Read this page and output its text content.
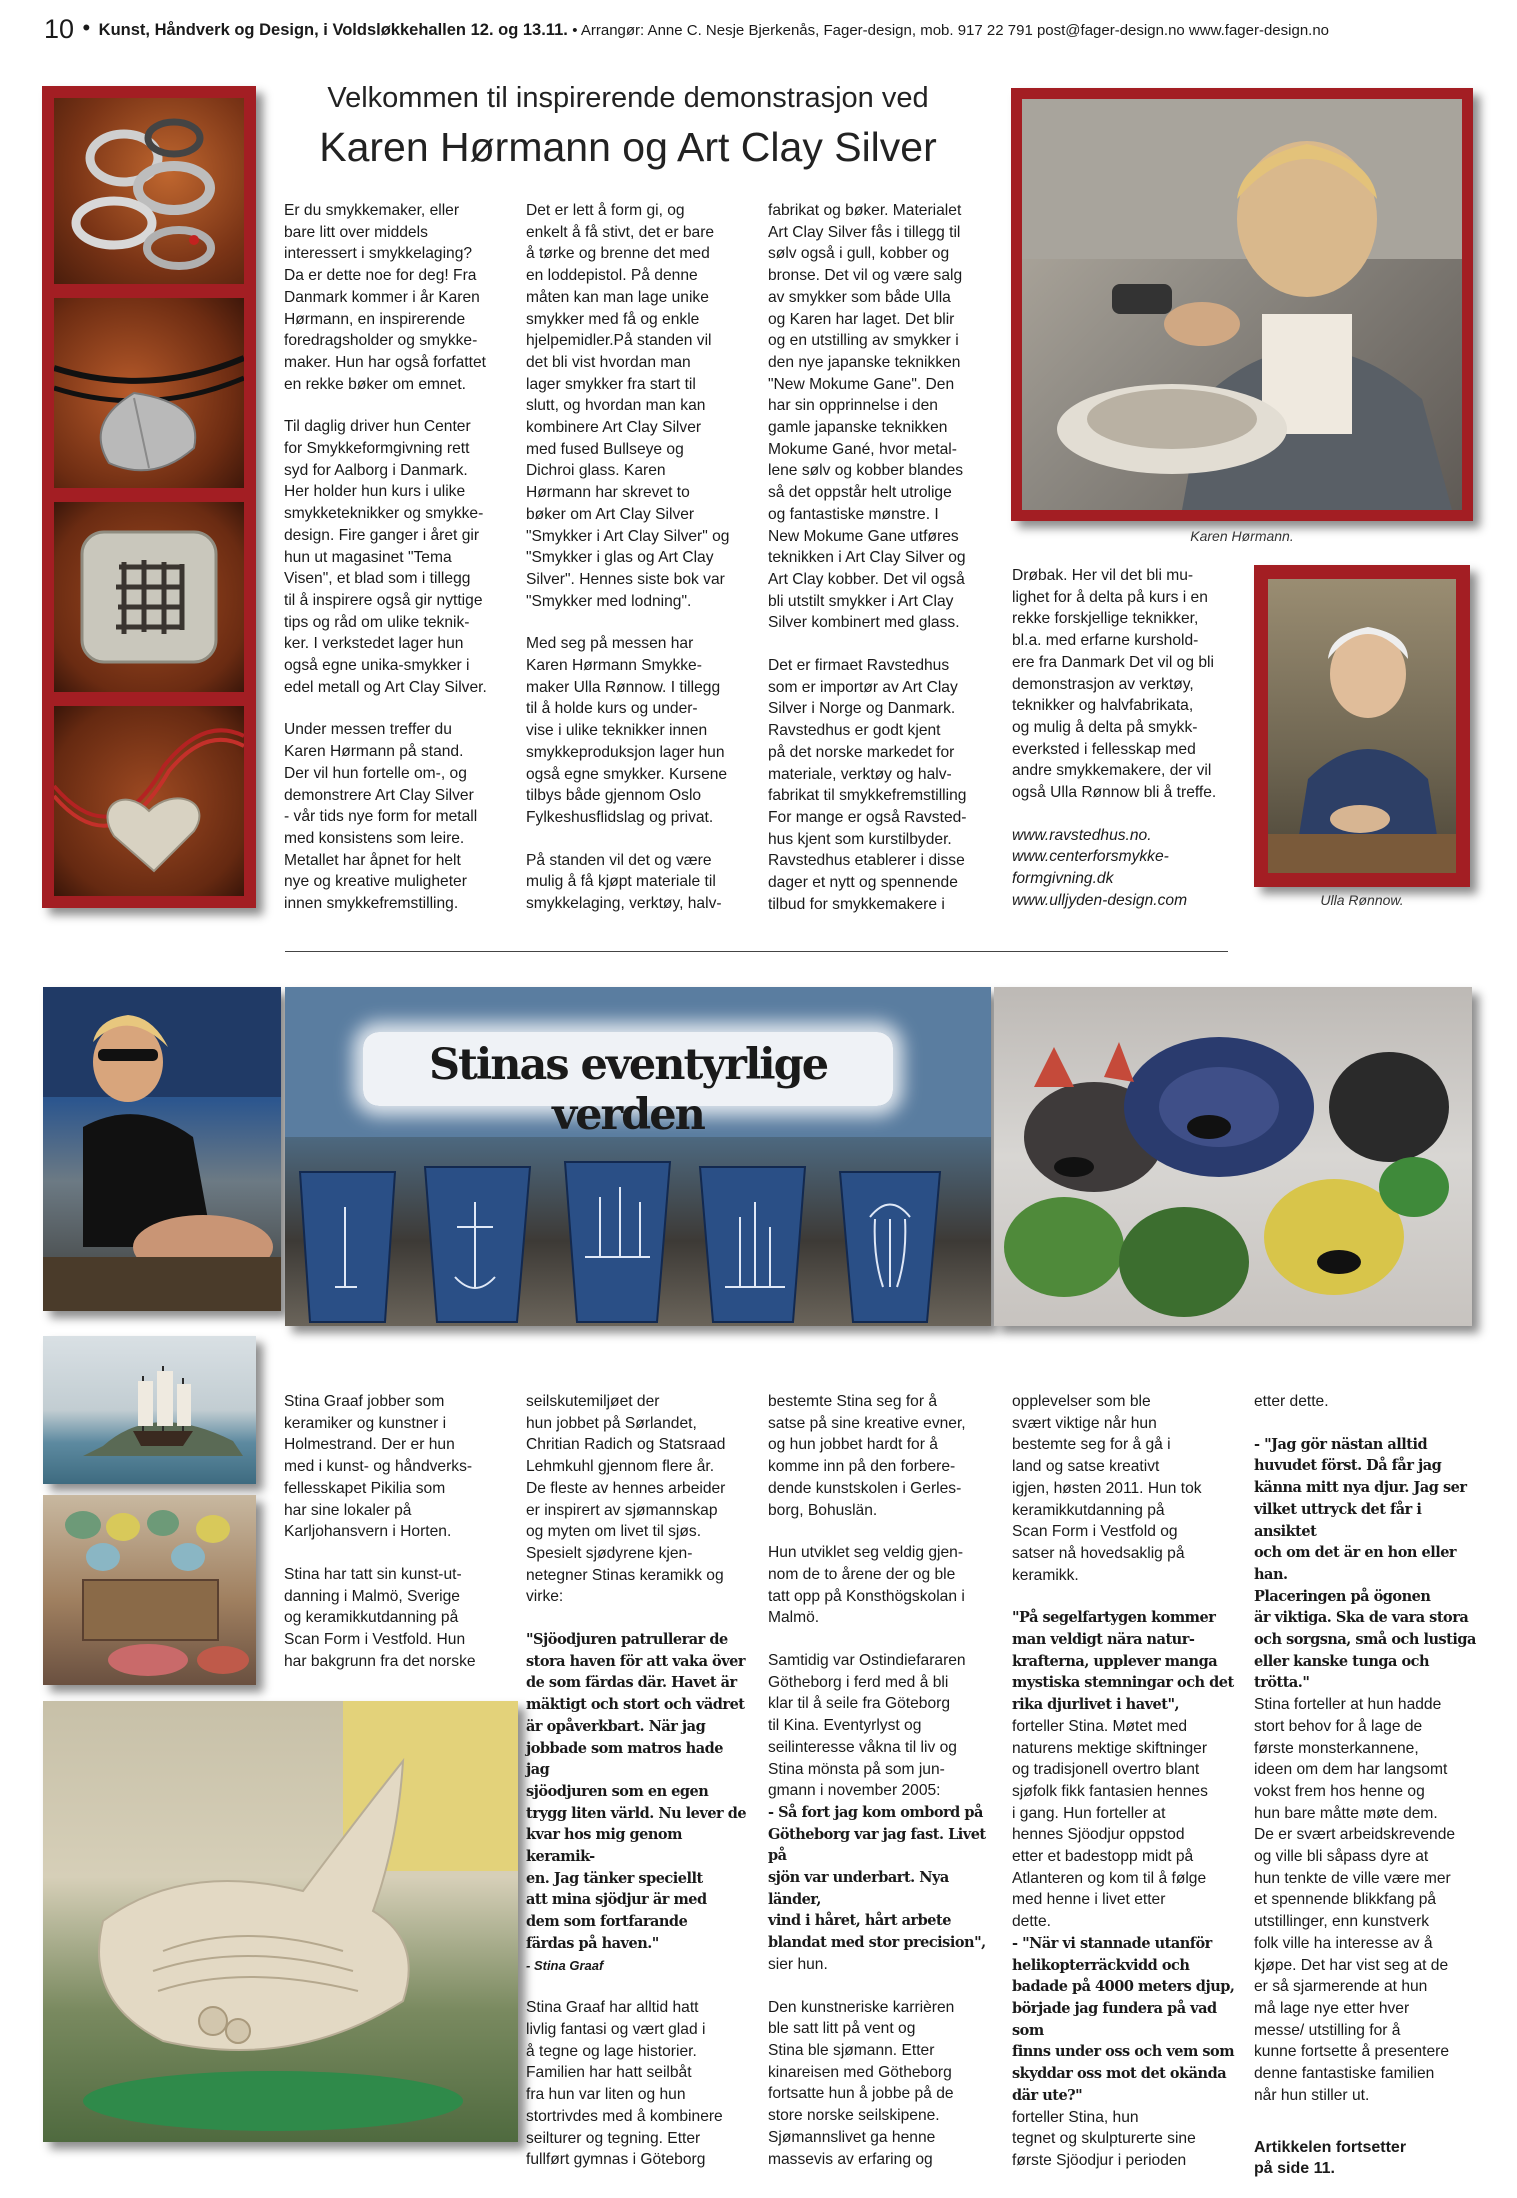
10 • Kunst, Håndverk og Design, i Voldsløkkehallen 12. og 13.11. • Arrangør: Anne C. Nesje Bjerkenås, Fager-design, mob. 917 22 791 post@fager-design.no www.fager-design.no
Velkommen til inspirerende demonstrasjon ved
Karen Hørmann og Art Clay Silver

Er du smykkemaker, eller
bare litt over middels
interessert i smykkelaging?
Da er dette noe for deg! Fra
Danmark kommer i år Karen
Hørmann, en inspirerende
foredragsholder og smykke-
maker. Hun har også forfattet
en rekke bøker om emnet.

Til daglig driver hun Center
for Smykkeformgivning rett
syd for Aalborg i Danmark.
Her holder hun kurs i ulike
smykketeknikker og smykke-
design. Fire ganger i året gir
hun ut magasinet "Tema
Visen", et blad som i tillegg
til å inspirere også gir nyttige
tips og råd om ulike teknik-
ker. I verkstedet lager hun
også egne unika-smykker i
edel metall og Art Clay Silver.

Under messen treffer du
Karen Hørmann på stand.
Der vil hun fortelle om-, og
demonstrere Art Clay Silver
- vår tids nye form for metall
med konsistens som leire.
Metallet har åpnet for helt
nye og kreative muligheter
innen smykkefremstilling.

Det er lett å form gi, og
enkelt å få stivt, det er bare
å tørke og brenne det med
en loddepistol. På denne
måten kan man lage unike
smykker med få og enkle
hjelpemidler.På standen vil
det bli vist hvordan man
lager smykker fra start til
slutt, og hvordan man kan
kombinere Art Clay Silver
med fused Bullseye og
Dichroi glass. Karen
Hørmann har skrevet to
bøker om Art Clay Silver
"Smykker i Art Clay Silver" og
"Smykker i glas og Art Clay
Silver". Hennes siste bok var
"Smykker med lodning".

Med seg på messen har
Karen Hørmann Smykke-
maker Ulla Rønnow. I tillegg
til å holde kurs og under-
vise i ulike teknikker innen
smykkeproduksjon lager hun
også egne smykker. Kursene
tilbys både gjennom Oslo
Fylkeshusflidslag og privat.

På standen vil det og være
mulig å få kjøpt materiale til
smykkelaging, verktøy, halv-

fabrikat og bøker. Materialet
Art Clay Silver fås i tillegg til
sølv også i gull, kobber og
bronse. Det vil og være salg
av smykker som både Ulla
og Karen har laget. Det blir
og en utstilling av smykker i
den nye japanske teknikken
"New Mokume Gane". Den
har sin opprinnelse i den
gamle japanske teknikken
Mokume Gané, hvor metal-
lene sølv og kobber blandes
så det oppstår helt utrolige
og fantastiske mønstre. I
New Mokume Gane utføres
teknikken i Art Clay Silver og
Art Clay kobber. Det vil også
bli utstilt smykker i Art Clay
Silver kombinert med glass.

Det er firmaet Ravstedhus
som er importør av Art Clay
Silver i Norge og Danmark.
Ravstedhus er godt kjent
på det norske markedet for
materiale, verktøy og halv-
fabrikat til smykkefremstilling
For mange er også Ravsted-
hus kjent som kurstilbyder.
Ravstedhus etablerer i disse
dager et nytt og spennende
tilbud for smykkemakere i

Karen Hørmann.

Drøbak. Her vil det bli mu-
lighet for å delta på kurs i en
rekke forskjellige teknikker,
bl.a. med erfarne kurshold-
ere fra Danmark Det vil og bli
demonstrasjon av verktøy,
teknikker og halvfabrikata,
og mulig å delta på smykk-
everksted i fellesskap med
andre smykkemakere, der vil
også Ulla Rønnow bli å treffe.

www.ravstedhus.no.

www.centerforsmykke-
formgivning.dk

www.ulljyden-design.com	Ulla Rønnow.
Stinas eventyrlige verden

Stina Graaf jobber som
keramiker og kunstner i
Holmestrand. Der er hun
med i kunst- og håndverks-
fellesskapet Pikilia som
har sine lokaler på
Karljohansvern i Horten.

Stina har tatt sin kunst-ut-
danning i Malmö, Sverige
og keramikkutdanning på
Scan Form i Vestfold. Hun
har bakgrunn fra det norske

seilskutemiljøet der
hun jobbet på Sørlandet,
Chritian Radich og Statsraad
Lehmkuhl gjennom flere år.
De fleste av hennes arbeider
er inspirert av sjømannskap
og myten om livet til sjøs.
Spesielt sjødyrene kjen-
netegner Stinas keramikk og
virke:

"Sjöodjuren patrullerar de
stora haven för att vaka över
de som färdas där. Havet är
mäktigt och stort och vädret
är opåverkbart. När jag
jobbade som matros hade jag
sjöodjuren som en egen
trygg liten värld. Nu lever de
kvar hos mig genom keramik-
en. Jag tänker speciellt
att mina sjödjur är med
dem som fortfarande
färdas på haven."

- Stina Graaf

Stina Graaf har alltid hatt
livlig fantasi og vært glad i
å tegne og lage historier.
Familien har hatt seilbåt
fra hun var liten og hun
stortrivdes med å kombinere
seilturer og tegning. Etter
fullført gymnas i Göteborg

bestemte Stina seg for å
satse på sine kreative evner,
og hun jobbet hardt for å
komme inn på den forbere-
dende kunstskolen i Gerles-
borg, Bohuslän.

Hun utviklet seg veldig gjen-
nom de to årene der og ble
tatt opp på Konsthögskolan i
Malmö.

Samtidig var Ostindiefararen
Götheborg i ferd med å bli
klar til å seile fra Göteborg
til Kina. Eventyrlyst og
seilinteresse våkna til liv og
Stina mönsta på som jun-
gmann i november 2005:

- Så fort jag kom ombord på
Götheborg var jag fast. Livet på
sjön var underbart. Nya länder,
vind i håret, hårt arbete
blandat med stor precision",

sier hun.

Den kunstneriske karrièren
ble satt litt på vent og
Stina ble sjømann. Etter
kinareisen med Götheborg
fortsatte hun å jobbe på de
store norske seilskipene.
Sjømannslivet ga henne
massevis av erfaring og

opplevelser som ble
svært viktige når hun
bestemte seg for å gå i
land og satse kreativt
igjen, høsten 2011. Hun tok
keramikkutdanning på
Scan Form i Vestfold og
satser nå hovedsaklig på
keramikk.

"På segelfartygen kommer
man veldigt nära natur-
krafterna, upplever manga
mystiska stemningar och det
rika djurlivet i havet",

forteller Stina. Møtet med
naturens mektige skiftninger
og tradisjonell overtro blant
sjøfolk fikk fantasien hennes
i gang. Hun forteller at
hennes Sjöodjur oppstod
etter et badestopp midt på
Atlanteren og kom til å følge
med henne i livet etter
dette.

- "När vi stannade utanför
helikopterräckvidd och
badade på 4000 meters djup,
började jag fundera på vad som
finns under oss och vem som
skyddar oss mot det okända
där ute?"

forteller Stina, hun
tegnet og skulpturerte sine
første Sjöodjur i perioden

etter dette.

- "Jag gör nästan alltid
huvudet först. Då får jag
känna mitt nya djur. Jag ser
vilket uttryck det får i ansiktet
och om det är en hon eller han.
Placeringen på ögonen
är viktiga. Ska de vara stora
och sorgsna, små och lustiga
eller kanske tunga och trötta."

Stina forteller at hun hadde
stort behov for å lage de
første monsterkannene,
ideen om dem har langsomt
vokst frem hos henne og
hun bare måtte møte dem.
De er svært arbeidskrevende
og ville bli såpass dyre at
hun tenkte de ville være mer
et spennende blikkfang på
utstillinger, enn kunstverk
folk ville ha interesse av å
kjøpe. Det har vist seg at de
er så sjarmerende at hun
må lage nye etter hver
messe/ utstilling for å
kunne fortsette å presentere
denne fantastiske familien
når hun stiller ut.

Artikkelen fortsetter
på side 11.
